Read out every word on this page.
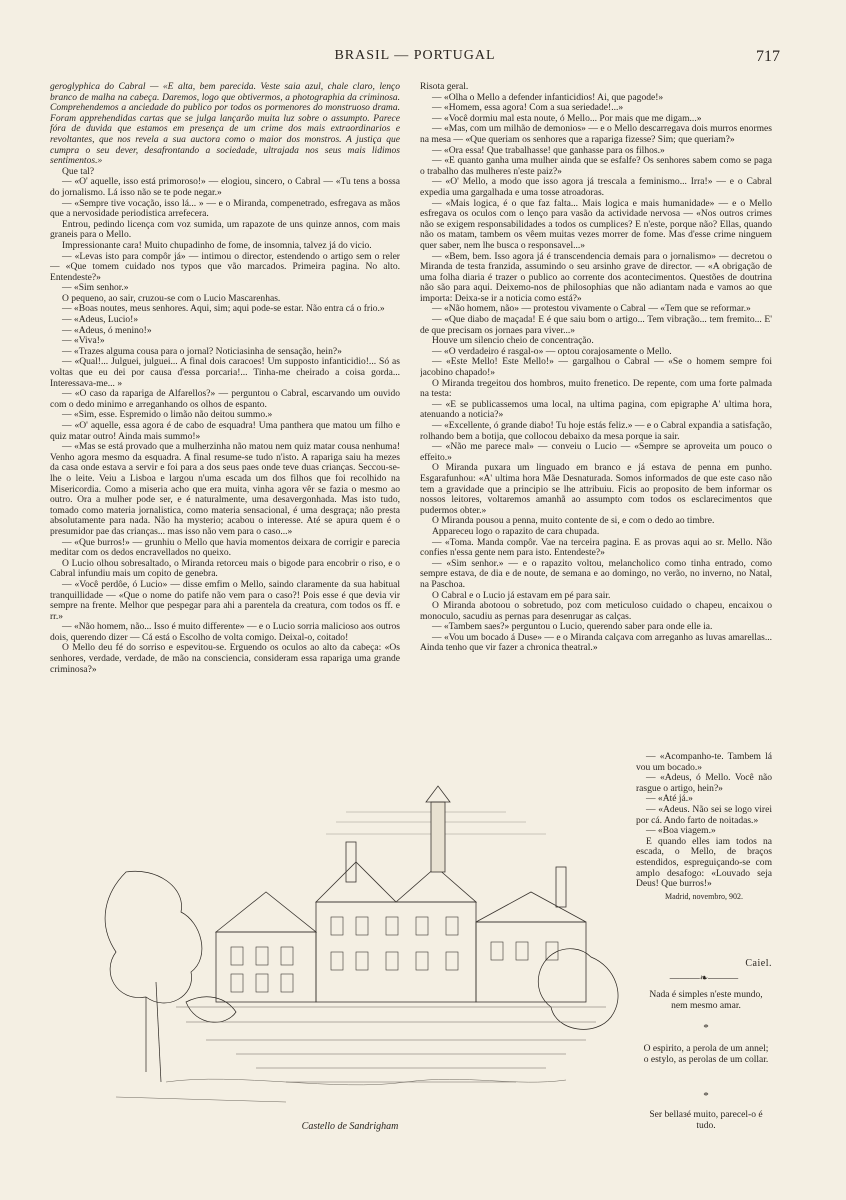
BRASIL — PORTUGAL	717

geroglyphica do Cabral — «É alta, bem parecida. Veste saia azul, chale claro, lenço branco de malha na cabeça. Daremos, logo que obtivermos, a photographia da criminosa. Comprehendemos a anciedade do publico por todos os pormenores do monstruoso drama. Foram apprehendidas cartas que se julga lançarão muita luz sobre o assumpto. Parece fóra de duvida que estamos em presença de um crime dos mais extraordinarios e revoltantes, que nos revela a sua auctora como o maior dos monstros. A justiça que cumpra o seu dever, desafrontando a sociedade, ultrajada nos seus mais lidimos sentimentos.»

Que tal?

— «O' aquelle, isso está primoroso!» — elogiou, sincero, o Cabral — «Tu tens a bossa do jornalismo. Lá isso não se te pode negar.»

— «Sempre tive vocação, isso lá... » — e o Miranda, compenetrado, esfregava as mãos que a nervosidade periodistica arrefecera.

Entrou, pedindo licença com voz sumida, um rapazote de uns quinze annos, com mais graneis para o Mello.

Impressionante cara! Muito chupadinho de fome, de insomnia, talvez já do vicio.

— «Levas isto para compôr já» — intimou o director, estendendo o artigo sem o reler — «Que tomem cuidado nos typos que vão marcados. Primeira pagina. No alto. Entendeste?»

— «Sim senhor.»

O pequeno, ao sair, cruzou-se com o Lucio Mascarenhas.

— «Boas noutes, meus senhores. Aqui, sim; aqui pode-se estar. Não entra cá o frio.»

— «Adeus, Lucio!»

— «Adeus, ó menino!»

— «Viva!»

— «Trazes alguma cousa para o jornal? Noticiasinha de sensação, hein?»

— «Qual!... Julguei, julguei... A final dois caracoes! Um supposto infanticidio!... Só as voltas que eu dei por causa d'essa porcaria!... Tinha-me cheirado a coisa gorda... Interessava-me... »

— «O caso da rapariga de Alfarellos?» — perguntou o Cabral, escarvando um ouvido com o dedo minimo e arreganhando os olhos de espanto.

— «Sim, esse. Espremido o limão não deitou summo.»

— «O' aquelle, essa agora é de cabo de esquadra! Uma panthera que matou um filho e quiz matar outro! Ainda mais summo!»

— «Mas se está provado que a mulherzinha não matou nem quiz matar cousa nenhuma! Venho agora mesmo da esquadra. A final resume-se tudo n'isto. A rapariga saiu ha mezes da casa onde estava a servir e foi para a dos seus paes onde teve duas crianças. Seccou-se-lhe o leite. Veiu a Lisboa e largou n'uma escada um dos filhos que foi recolhido na Misericordia. Como a miseria acho que era muita, vinha agora vêr se fazia o mesmo ao outro. Ora a mulher pode ser, e é naturalmente, uma desavergonhada. Mas isto tudo, tomado como materia jornalistica, como materia sensacional, é uma desgraça; não presta absolutamente para nada. Não ha mysterio; acabou o interesse. Até se apura quem é o presumidor pae das crianças... mas isso não vem para o caso...»

— «Que burros!» — grunhiu o Mello que havia momentos deixara de corrigir e parecia meditar com os dedos encravellados no queixo.

O Lucio olhou sobresaltado, o Miranda retorceu mais o bigode para encobrir o riso, e o Cabral infundiu mais um copito de genebra.

— «Você perdôe, ó Lucio» — disse emfim o Mello, saindo claramente da sua habitual tranquillidade — «Que o nome do patife não vem para o caso?! Pois esse é que devia vir sempre na frente. Melhor que pespegar para ahi a parentela da creatura, com todos os ff. e rr.»

— «Não homem, não... Isso é muito differente» — e o Lucio sorria malicioso aos outros dois, querendo dizer — Cá está o Escolho de volta comigo. Deixal-o, coitado!

O Mello deu fé do sorriso e espevitou-se. Erguendo os oculos ao alto da cabeça: «Os senhores, verdade, verdade, de mão na consciencia, consideram essa rapariga uma grande criminosa?»

Risota geral.

— «Olha o Mello a defender infanticidios! Ai, que pagode!»

— «Homem, essa agora! Com a sua seriedade!...»

— «Você dormiu mal esta noute, ó Mello... Por mais que me digam...»

— «Mas, com um milhão de demonios» — e o Mello descarregava dois murros enormes na mesa — «Que queriam os senhores que a rapariga fizesse? Sim; que queriam?»

— «Ora essa! Que trabalhasse! que ganhasse para os filhos.»

— «E quanto ganha uma mulher ainda que se esfalfe? Os senhores sabem como se paga o trabalho das mulheres n'este paiz?»

— «O' Mello, a modo que isso agora já trescala a feminismo... Irra!» — e o Cabral expedia uma gargalhada e uma tosse atroadoras.

— «Mais logica, é o que faz falta... Mais logica e mais humanidade» — e o Mello esfregava os oculos com o lenço para vasão da actividade nervosa — «Nos outros crimes não se exigem responsabilidades a todos os cumplices? E n'este, porque não? Ellas, quando não os matam, tambem os vêem muitas vezes morrer de fome. Mas d'esse crime ninguem quer saber, nem lhe busca o responsavel...»

— «Bem, bem. Isso agora já é transcendencia demais para o jornalismo» — decretou o Miranda de testa franzida, assumindo o seu arsinho grave de director. — «A obrigação de uma folha diaria é trazer o publico ao corrente dos acontecimentos. Questões de doutrina não são para aqui. Deixemo-nos de philosophias que não adiantam nada e vamos ao que importa: Deixa-se ir a noticia como está?»

— «Não homem, não» — protestou vivamente o Cabral — «Tem que se reformar.»

— «Que diabo de maçada! E é que saiu bom o artigo... Tem vibração... tem fremito... E' de que precisam os jornaes para viver...»

Houve um silencio cheio de concentração.

— «O verdadeiro é rasgal-o» — optou corajosamente o Mello.

— «Este Mello! Este Mello!» — gargalhou o Cabral — «Se o homem sempre foi jacobino chapado!»

O Miranda tregeitou dos hombros, muito frenetico. De repente, com uma forte palmada na testa:

— «E se publicassemos uma local, na ultima pagina, com epigraphe A' ultima hora, atenuando a noticia?»

— «Excellente, ó grande diabo! Tu hoje estás feliz.» — e o Cabral expandia a satisfação, rolhando bem a botija, que collocou debaixo da mesa porque ia sair.

— «Não me parece mal» — conveiu o Lucio — «Sempre se aproveita um pouco o effeito.»

O Miranda puxara um linguado em branco e já estava de penna em punho. Esgarafunhou: «A' ultima hora Mãe Desnaturada. Somos informados de que este caso não tem a gravidade que a principio se lhe attribuiu. Ficis ao proposito de bem informar os nossos leitores, voltaremos amanhã ao assumpto com todos os esclarecimentos que pudermos obter.»

O Miranda pousou a penna, muito contente de si, e com o dedo ao timbre.

Appareceu logo o rapazito de cara chupada.

— «Toma. Manda compôr. Vae na terceira pagina. E as provas aqui ao sr. Mello. Não confies n'essa gente nem para isto. Entendeste?»

— «Sim senhor.» — e o rapazito voltou, melancholico como tinha entrado, como sempre estava, de dia e de noute, de semana e ao domingo, no verão, no inverno, no Natal, na Paschoa.

O Cabral e o Lucio já estavam em pé para sair.

O Miranda abotoou o sobretudo, poz com meticuloso cuidado o chapeu, encaixou o monoculo, sacudiu as pernas para desenrugar as calças.

— «Tambem saes?» perguntou o Lucio, querendo saber para onde elle ia.

— «Vou um bocado á Duse» — e o Miranda calçava com arreganho as luvas amarellas... Ainda tenho que vir fazer a chronica theatral.»

— «Acompanho-te. Tambem lá vou um bocado.»

— «Adeus, ó Mello. Você não rasgue o artigo, hein?»

— «Até já.»

— «Adeus. Não sei se logo virei por cá. Ando farto de noitadas.»

— «Boa viagem.»

E quando elles iam todos na escada, o Mello, de braços estendidos, espreguiçando-se com amplo desafogo: «Louvado seja Deus! Que burros!»

Madrid, novembro, 902.
Caiel.
———❧———
Nada é simples n'este mundo, nem mesmo amar.
*
O espirito, a perola de um annel; o estylo, as perolas de um collar.
*
Ser bellaзé muito, parecel-o é tudo.
Castello de Sandrigham
